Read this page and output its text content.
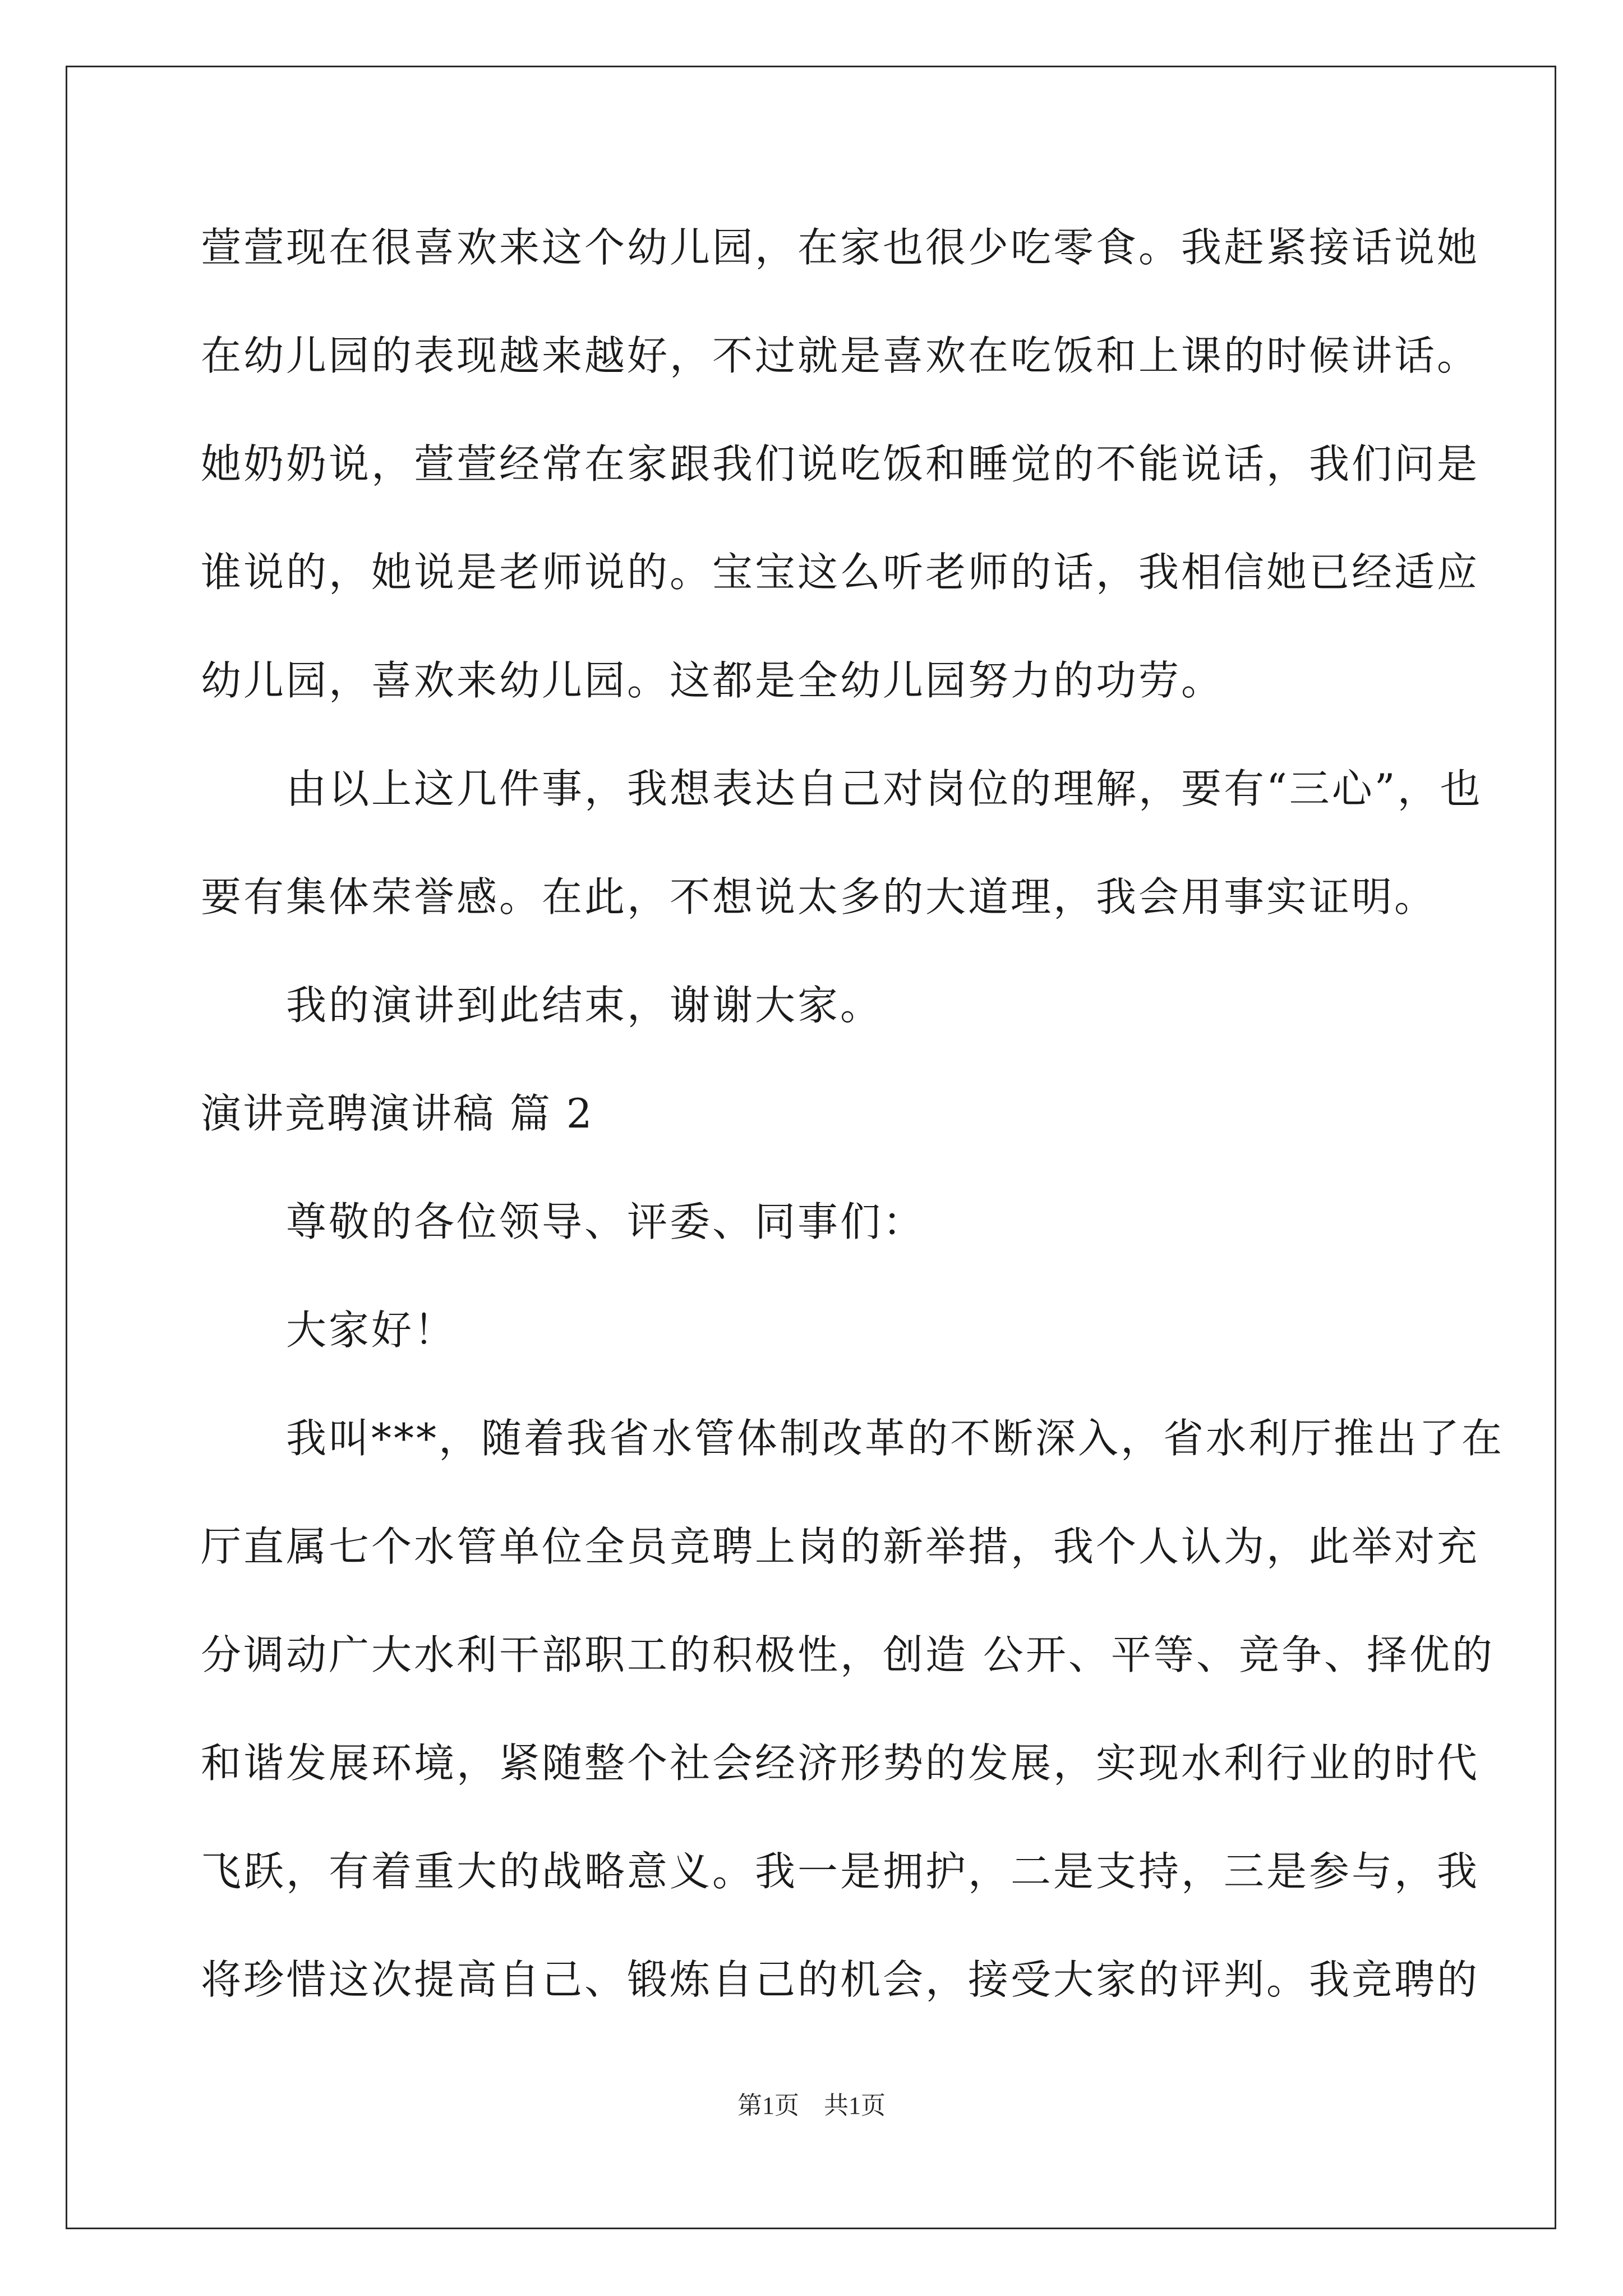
萱萱现在很喜欢来这个幼儿园，在家也很少吃零食。我赶紧接话说她
在幼儿园的表现越来越好，不过就是喜欢在吃饭和上课的时候讲话。
她奶奶说，萱萱经常在家跟我们说吃饭和睡觉的不能说话，我们问是
谁说的，她说是老师说的。宝宝这么听老师的话，我相信她已经适应
幼儿园，喜欢来幼儿园。这都是全幼儿园努力的功劳。
由以上这几件事，我想表达自己对岗位的理解，要有“三心”，也
要有集体荣誉感。在此，不想说太多的大道理，我会用事实证明。
我的演讲到此结束，谢谢大家。
演讲竞聘演讲稿 篇 2
尊敬的各位领导、评委、同事们：
大家好！
我叫***，随着我省水管体制改革的不断深入，省水利厅推出了在
厅直属七个水管单位全员竞聘上岗的新举措，我个人认为，此举对充
分调动广大水利干部职工的积极性，创造 公开、平等、竞争、择优的
和谐发展环境，紧随整个社会经济形势的发展，实现水利行业的时代
飞跃，有着重大的战略意义。我一是拥护，二是支持，三是参与，我
将珍惜这次提高自己、锻炼自己的机会，接受大家的评判。我竞聘的
第1页　共1页
